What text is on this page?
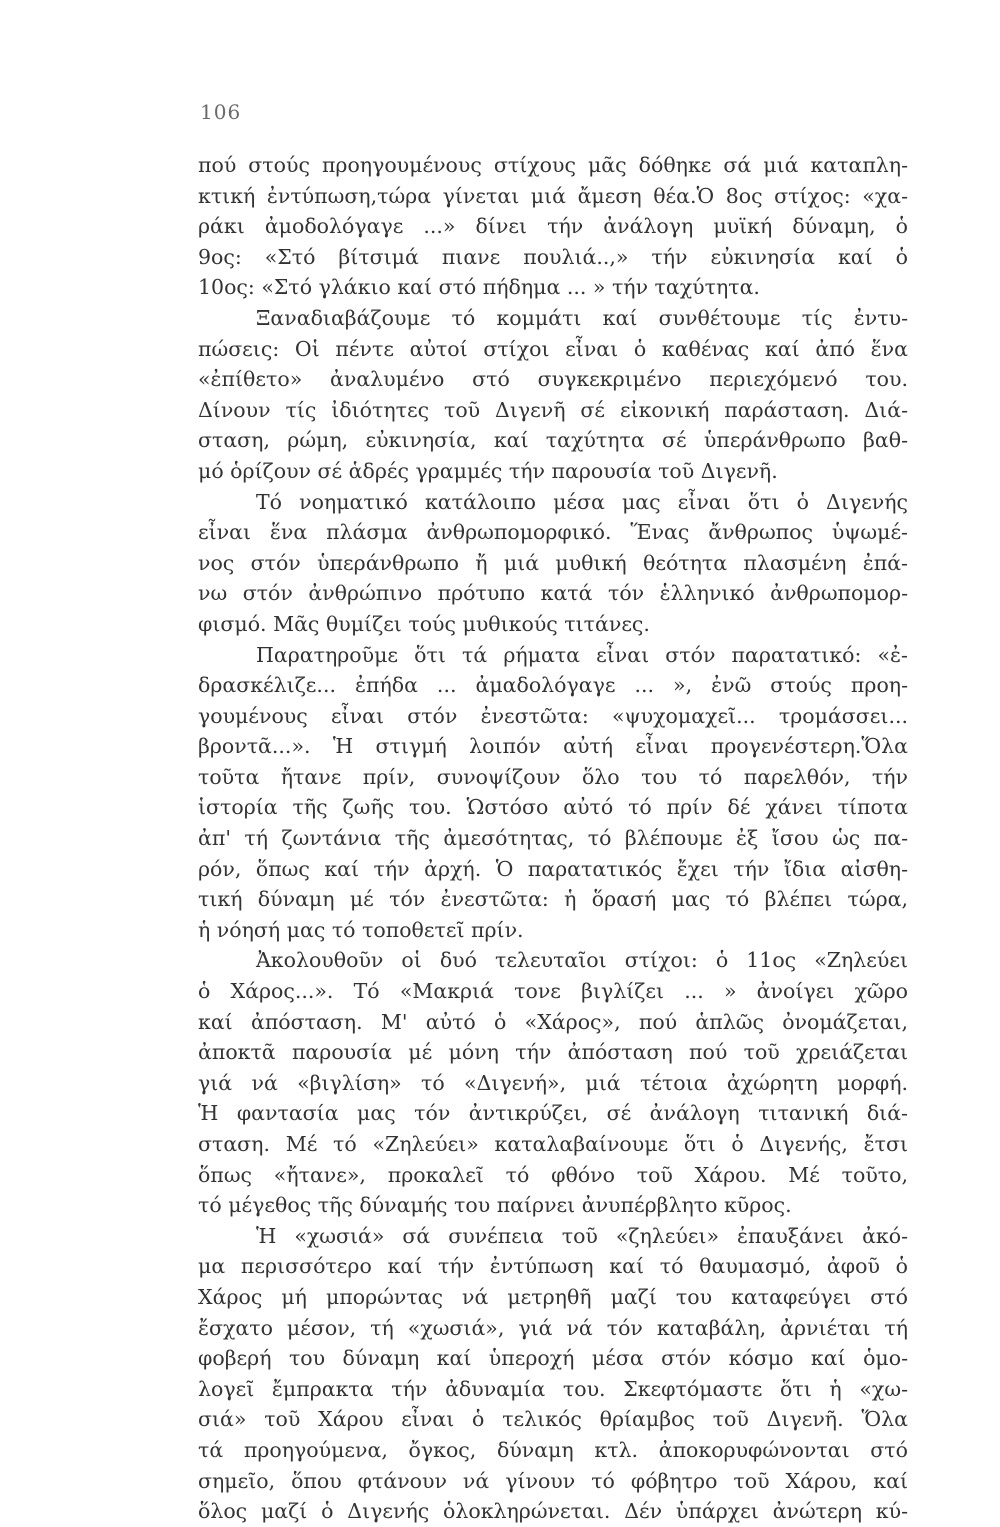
106
πού στούς προηγουμένους στίχους μᾶς δόθηκε σά μιά καταπλη-
κτική ἐντύπωση,τώρα γίνεται μιά ἄμεση θέα.Ὁ 8ος στίχος: «χα-
ράκι ἀμοδολόγαγε ...» δίνει τήν ἀνάλογη μυϊκή δύναμη, ὁ
9ος: «Στό βίτσιμά πιανε πουλιά..,» τήν εὐκινησία καί ὁ
10ος: «Στό γλάκιο καί στό πήδημα ... » τήν ταχύτητα.
Ξαναδιαβάζουμε τό κομμάτι καί συνθέτουμε τίς ἐντυ-
πώσεις: Οἱ πέντε αὐτοί στίχοι εἶναι ὁ καθένας καί ἀπό ἕνα
«ἐπίθετο» ἀναλυμένο στό συγκεκριμένο περιεχόμενό του.
Δίνουν τίς ἰδιότητες τοῦ Διγενῆ σέ εἰκονική παράσταση. Διά-
σταση, ρώμη, εὐκινησία, καί ταχύτητα σέ ὑπεράνθρωπο βαθ-
μό ὁρίζουν σέ ἁδρές γραμμές τήν παρουσία τοῦ Διγενῆ.
Τό νοηματικό κατάλοιπο μέσα μας εἶναι ὅτι ὁ Διγενής
εἶναι ἕνα πλάσμα ἀνθρωπομορφικό. Ἕνας ἄνθρωπος ὑψωμέ-
νος στόν ὑπεράνθρωπο ἤ μιά μυθική θεότητα πλασμένη ἐπά-
νω στόν ἀνθρώπινο πρότυπο κατά τόν ἑλληνικό ἀνθρωπομορ-
φισμό. Μᾶς θυμίζει τούς μυθικούς τιτάνες.
Παρατηροῦμε ὅτι τά ρήματα εἶναι στόν παρατατικό: «ἐ-
δρασκέλιζε... ἐπήδα ... ἀμαδολόγαγε ... », ἐνῶ στούς προη-
γουμένους εἶναι στόν ἐνεστῶτα: «ψυχομαχεῖ... τρομάσσει...
βροντᾶ...». Ἡ στιγμή λοιπόν αὐτή εἶναι προγενέστερη.Ὅλα
τοῦτα ἤτανε πρίν, συνοψίζουν ὅλο του τό παρελθόν, τήν
ἱστορία τῆς ζωῆς του. Ὡστόσο αὐτό τό πρίν δέ χάνει τίποτα
ἀπ' τή ζωντάνια τῆς ἀμεσότητας, τό βλέπουμε ἐξ ἴσου ὡς πα-
ρόν, ὅπως καί τήν ἀρχή. Ὁ παρατατικός ἔχει τήν ἴδια αἰσθη-
τική δύναμη μέ τόν ἐνεστῶτα: ἡ ὅρασή μας τό βλέπει τώρα,
ἡ νόησή μας τό τοποθετεῖ πρίν.
Ἀκολουθοῦν οἱ δυό τελευταῖοι στίχοι: ὁ 11ος «Ζηλεύει
ὁ Χάρος...». Τό «Μακριά τονε βιγλίζει ... » ἀνοίγει χῶρο
καί ἀπόσταση. Μ' αὐτό ὁ «Χάρος», πού ἁπλῶς ὀνομάζεται,
ἀποκτᾶ παρουσία μέ μόνη τήν ἀπόσταση πού τοῦ χρειάζεται
γιά νά «βιγλίση» τό «Διγενή», μιά τέτοια ἀχώρητη μορφή.
Ἡ φαντασία μας τόν ἀντικρύζει, σέ ἀνάλογη τιτανική διά-
σταση. Μέ τό «Ζηλεύει» καταλαβαίνουμε ὅτι ὁ Διγενής, ἔτσι
ὅπως «ἤτανε», προκαλεῖ τό φθόνο τοῦ Χάρου. Μέ τοῦτο,
τό μέγεθος τῆς δύναμής του παίρνει ἀνυπέρβλητο κῦρος.
Ἡ «χωσιά» σά συνέπεια τοῦ «ζηλεύει» ἐπαυξάνει ἀκό-
μα περισσότερο καί τήν ἐντύπωση καί τό θαυμασμό, ἀφοῦ ὁ
Χάρος μή μπορώντας νά μετρηθῆ μαζί του καταφεύγει στό
ἔσχατο μέσον, τή «χωσιά», γιά νά τόν καταβάλη, ἀρνιέται τή
φοβερή του δύναμη καί ὑπεροχή μέσα στόν κόσμο καί ὁμο-
λογεῖ ἔμπρακτα τήν ἀδυναμία του. Σκεφτόμαστε ὅτι ἡ «χω-
σιά» τοῦ Χάρου εἶναι ὁ τελικός θρίαμβος τοῦ Διγενῆ. Ὅλα
τά προηγούμενα, ὄγκος, δύναμη κτλ. ἀποκορυφώνονται στό
σημεῖο, ὅπου φτάνουν νά γίνουν τό φόβητρο τοῦ Χάρου, καί
ὅλος μαζί ὁ Διγενής ὁλοκληρώνεται. Δέν ὑπάρχει ἀνώτερη κύ-
